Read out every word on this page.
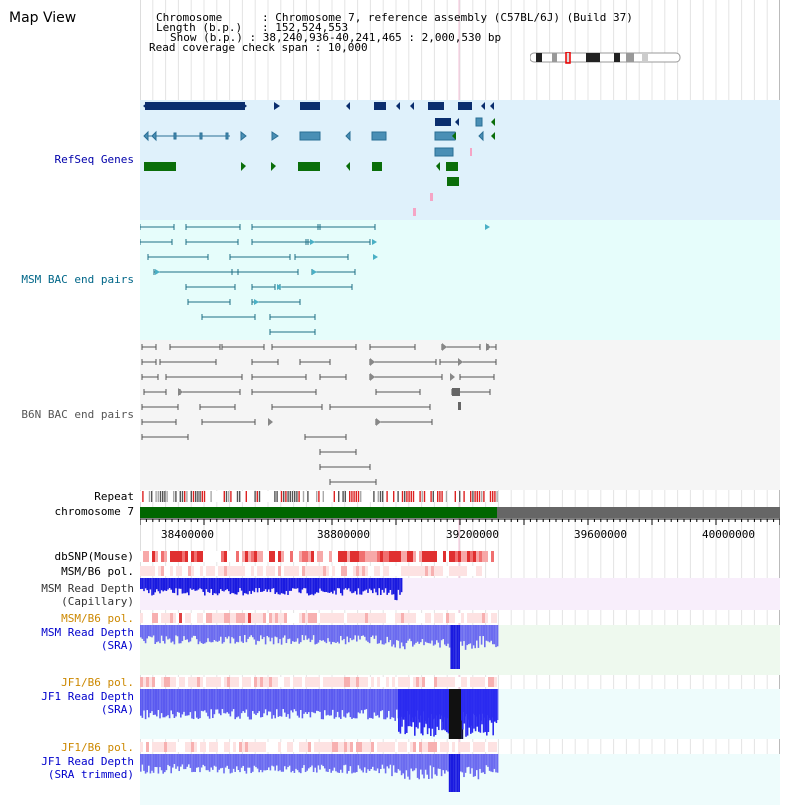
Map View	Chromosome      : Chromosome 7, reference assembly (C57BL/6J) (Build 37)
Length (b.p.)   : 152,524,553
Show (b.p.) : 38,240,936-40,241,465 : 2,000,530 bp
Read coverage check span : 10,000
RefSeq Genes
MSM BAC end pairs
B6N BAC end pairs
Repeat
chromosome 7
38400000	38800000	39200000	39600000	40000000
dbSNP(Mouse)
MSM/B6 pol.
MSM Read Depth
(Capillary)
MSM/B6 pol.
MSM Read Depth
(SRA)
JF1/B6 pol.
JF1 Read Depth
(SRA)
JF1/B6 pol.
JF1 Read Depth
(SRA trimmed)
